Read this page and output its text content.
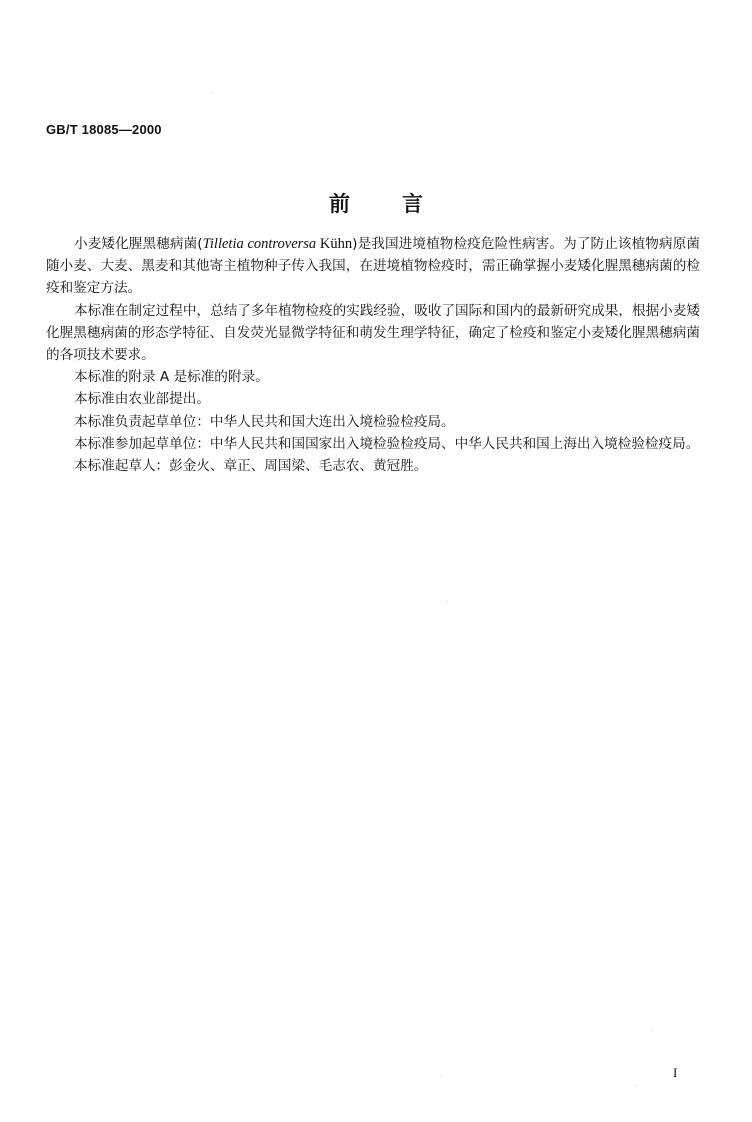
GB/T 18085—2000
前言

小麦矮化腥黑穗病菌(Tilletia controversa Kühn)是我国进境植物检疫危险性病害。为了防止该植物病原菌随小麦、大麦、黑麦和其他寄主植物种子传入我国，在进境植物检疫时，需正确掌握小麦矮化腥黑穗病菌的检疫和鉴定方法。

本标准在制定过程中，总结了多年植物检疫的实践经验，吸收了国际和国内的最新研究成果，根据小麦矮化腥黑穗病菌的形态学特征、自发荧光显微学特征和萌发生理学特征，确定了检疫和鉴定小麦矮化腥黑穗病菌的各项技术要求。

本标准的附录 A 是标准的附录。

本标准由农业部提出。

本标准负责起草单位：中华人民共和国大连出入境检验检疫局。

本标准参加起草单位：中华人民共和国国家出入境检验检疫局、中华人民共和国上海出入境检验检疫局。

本标准起草人：彭金火、章正、周国梁、毛志农、黄冠胜。

I
